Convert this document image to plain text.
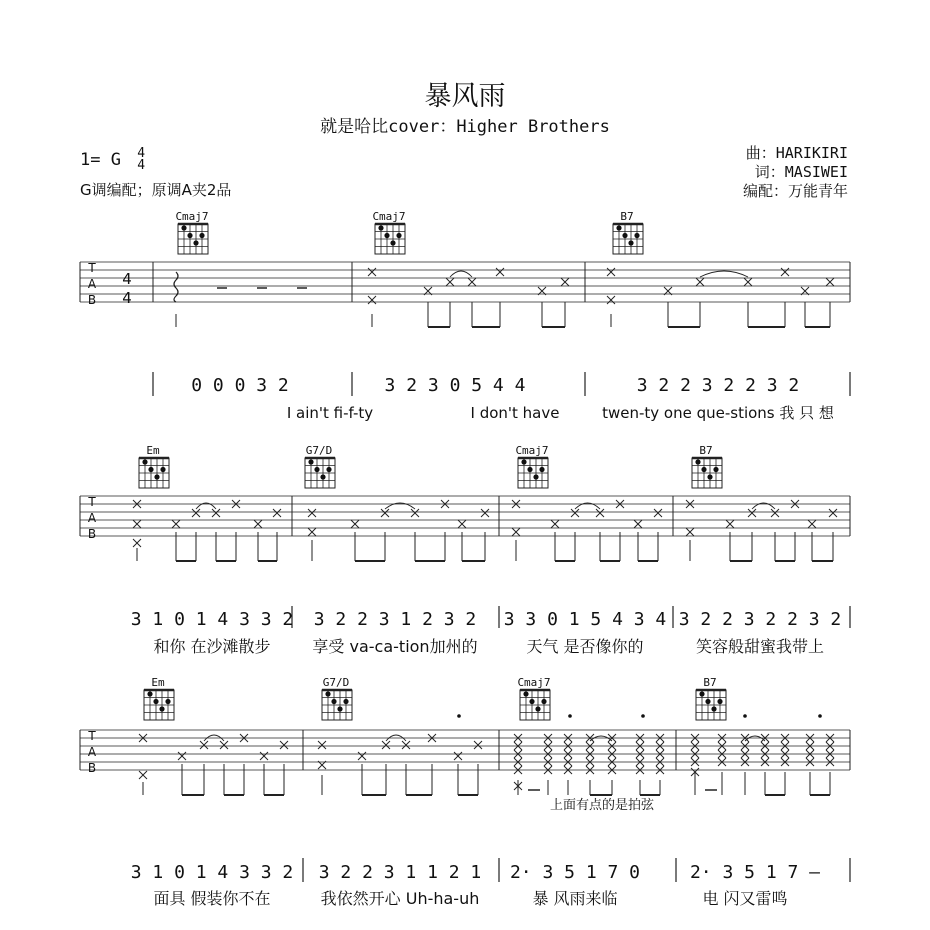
暴风雨
就是哈比cover：Higher Brothers
1= G 4
4
G调编配；原调A夹2品
曲：HARIKIRI
词：MASIWEI
编配：万能青年
T
A
B
4
4
Cmaj7	Cmaj7	B7
0 0 0 3 2	3 2 3 0 5 4 4	3 2 2 3 2 2 3 2
I ain't fi-f-ty	I don't have	twen-ty one que-stions 我 只 想
T
A
B
Em	G7/D	Cmaj7	B7
3 1 0 1 4 3 3 2 3 2 2 3 1 2 3 2 3 3 0 1 5 4 3 4 3 2 2 3 2 2 3 2
和你 在沙滩散步	享受 va-ca-tion加州的	天气 是否像你的	笑容般甜蜜我带上
T
A
B
Em	G7/D	Cmaj7	B7
上面有点的是拍弦
3 1 0 1 4 3 3 2 3 2 2 3 1 1 2 1 2· 3 5 1 7 0	2· 3 5 1 7 —
面具 假装你不在	我依然开心 Uh-ha-uh	暴 风雨来临	电 闪又雷鸣
